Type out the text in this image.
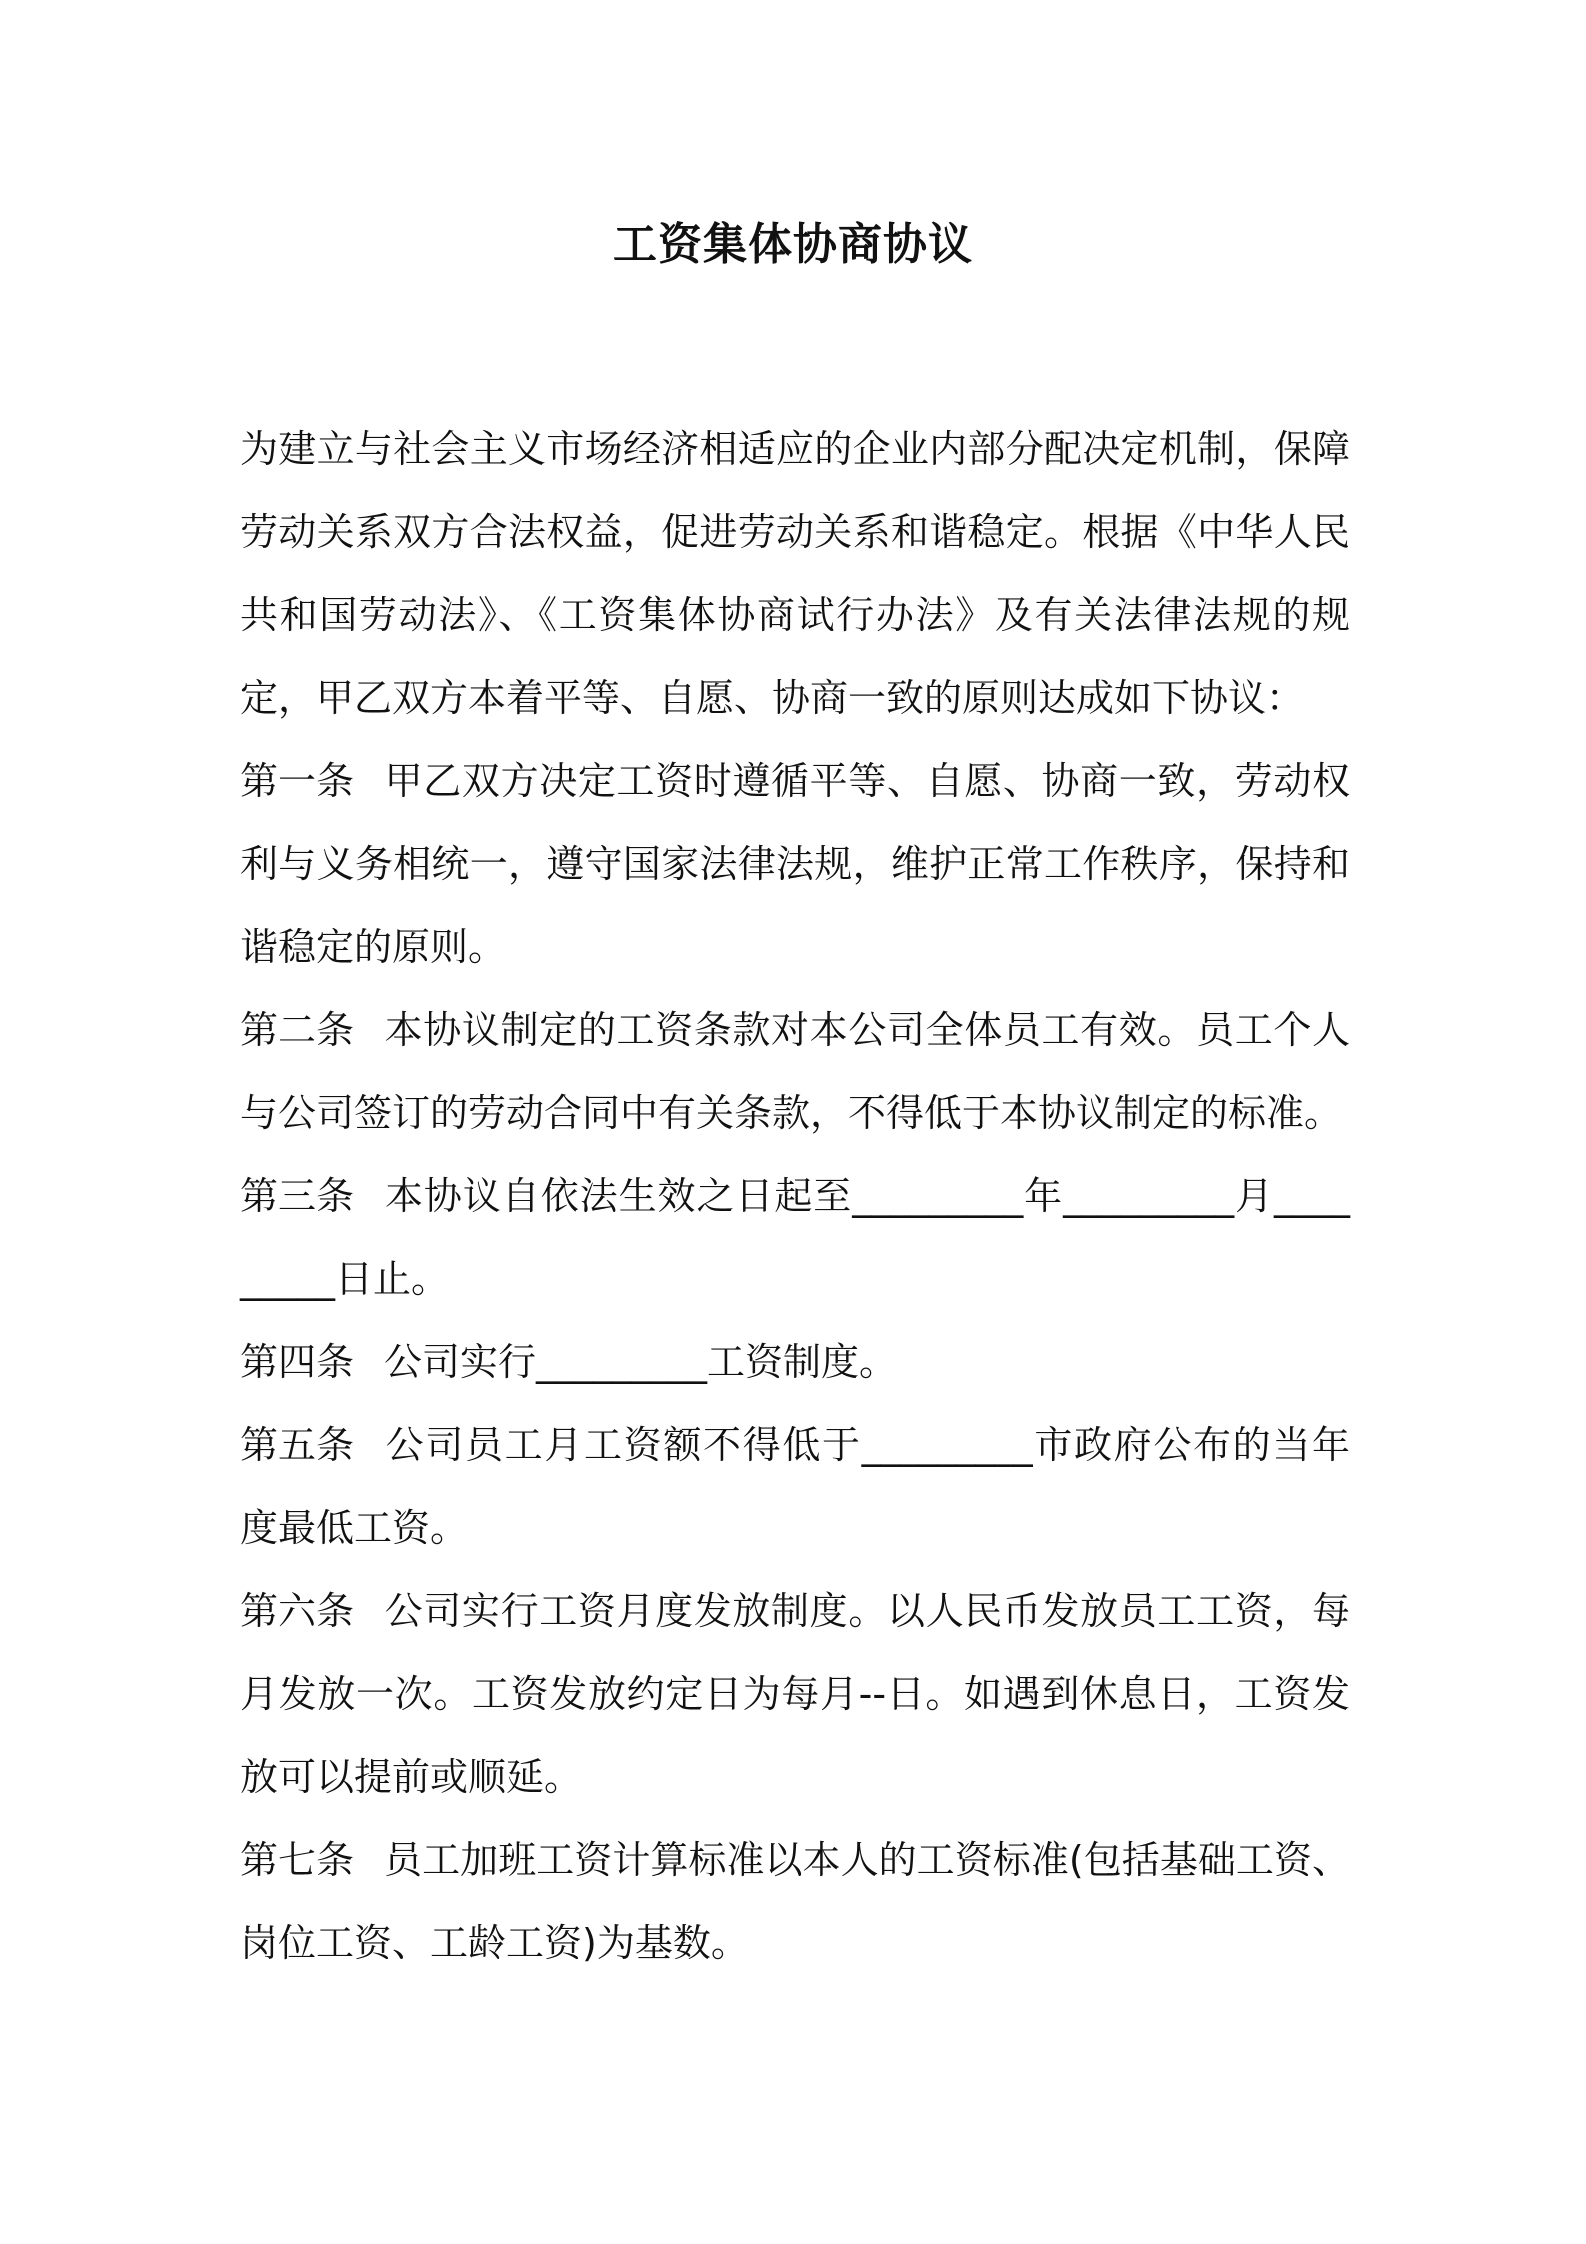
工资集体协商协议

为建立与社会主义市场经济相适应的企业内部分配决定机制，保障劳动关系双方合法权益，促进劳动关系和谐稳定。根据《中华人民共和国劳动法》、《工资集体协商试行办法》及有关法律法规的规定，甲乙双方本着平等、自愿、协商一致的原则达成如下协议：

第一条 甲乙双方决定工资时遵循平等、自愿、协商一致，劳动权利与义务相统一，遵守国家法律法规，维护正常工作秩序，保持和谐稳定的原则。

第二条 本协议制定的工资条款对本公司全体员工有效。员工个人与公司签订的劳动合同中有关条款，不得低于本协议制定的标准。

第三条 本协议自依法生效之日起至_________年_________月_________日止。

第四条 公司实行_________工资制度。

第五条 公司员工月工资额不得低于_________市政府公布的当年度最低工资。

第六条 公司实行工资月度发放制度。以人民币发放员工工资，每月发放一次。工资发放约定日为每月--日。如遇到休息日，工资发放可以提前或顺延。

第七条 员工加班工资计算标准以本人的工资标准(包括基础工资、岗位工资、工龄工资)为基数。
